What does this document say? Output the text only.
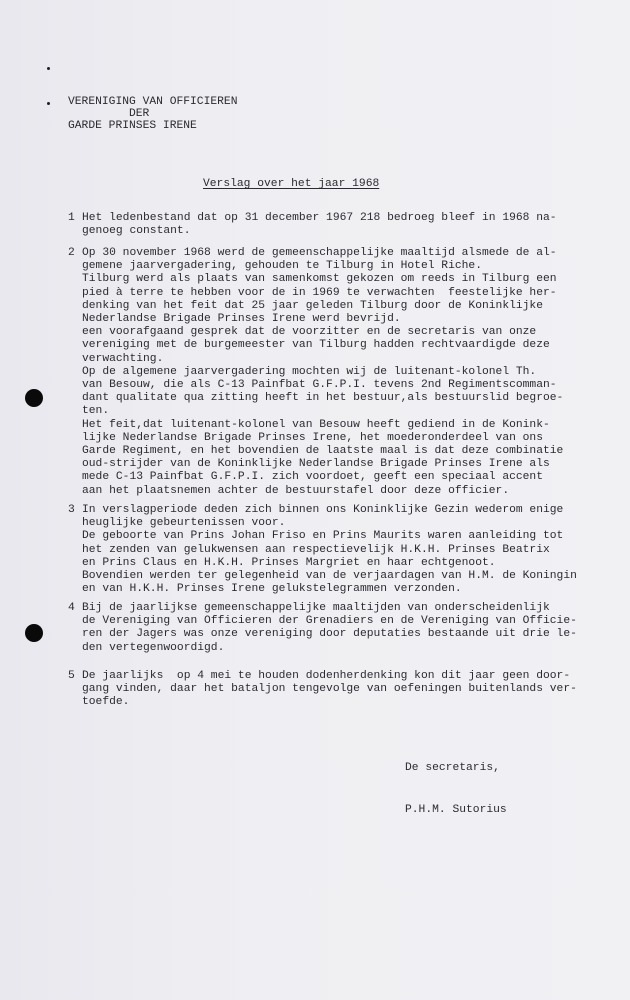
VERENIGING VAN OFFICIEREN
DER
GARDE PRINSES IRENE
Verslag over het jaar 1968
1 Het ledenbestand dat op 31 december 1967 218 bedroeg bleef in 1968 na-
genoeg constant.
2 Op 30 november 1968 werd de gemeenschappelijke maaltijd alsmede de al-
gemene jaarvergadering, gehouden te Tilburg in Hotel Riche.
Tilburg werd als plaats van samenkomst gekozen om reeds in Tilburg een
pied à terre te hebben voor de in 1969 te verwachten  feestelijke her-
denking van het feit dat 25 jaar geleden Tilburg door de Koninklijke
Nederlandse Brigade Prinses Irene werd bevrijd.
een voorafgaand gesprek dat de voorzitter en de secretaris van onze
vereniging met de burgemeester van Tilburg hadden rechtvaardigde deze
verwachting.
Op de algemene jaarvergadering mochten wij de luitenant-kolonel Th.
van Besouw, die als C-13 Painfbat G.F.P.I. tevens 2nd Regimentscomman-
dant qualitate qua zitting heeft in het bestuur,als bestuurslid begroe-
ten.
Het feit,dat luitenant-kolonel van Besouw heeft gediend in de Konink-
lijke Nederlandse Brigade Prinses Irene, het moederonderdeel van ons
Garde Regiment, en het bovendien de laatste maal is dat deze combinatie
oud-strijder van de Koninklijke Nederlandse Brigade Prinses Irene als
mede C-13 Painfbat G.F.P.I. zich voordoet, geeft een speciaal accent
aan het plaatsnemen achter de bestuurstafel door deze officier.
3 In verslagperiode deden zich binnen ons Koninklijke Gezin wederom enige
heuglijke gebeurtenissen voor.
De geboorte van Prins Johan Friso en Prins Maurits waren aanleiding tot
het zenden van gelukwensen aan respectievelijk H.K.H. Prinses Beatrix
en Prins Claus en H.K.H. Prinses Margriet en haar echtgenoot.
Bovendien werden ter gelegenheid van de verjaardagen van H.M. de Koningin
en van H.K.H. Prinses Irene gelukstelegrammen verzonden.
4 Bij de jaarlijkse gemeenschappelijke maaltijden van onderscheidenlijk
de Vereniging van Officieren der Grenadiers en de Vereniging van Officie-
ren der Jagers was onze vereniging door deputaties bestaande uit drie le-
den vertegenwoordigd.
5 De jaarlijks  op 4 mei te houden dodenherdenking kon dit jaar geen door-
gang vinden, daar het bataljon tengevolge van oefeningen buitenlands ver-
toefde.
De secretaris,
P.H.M. Sutorius
